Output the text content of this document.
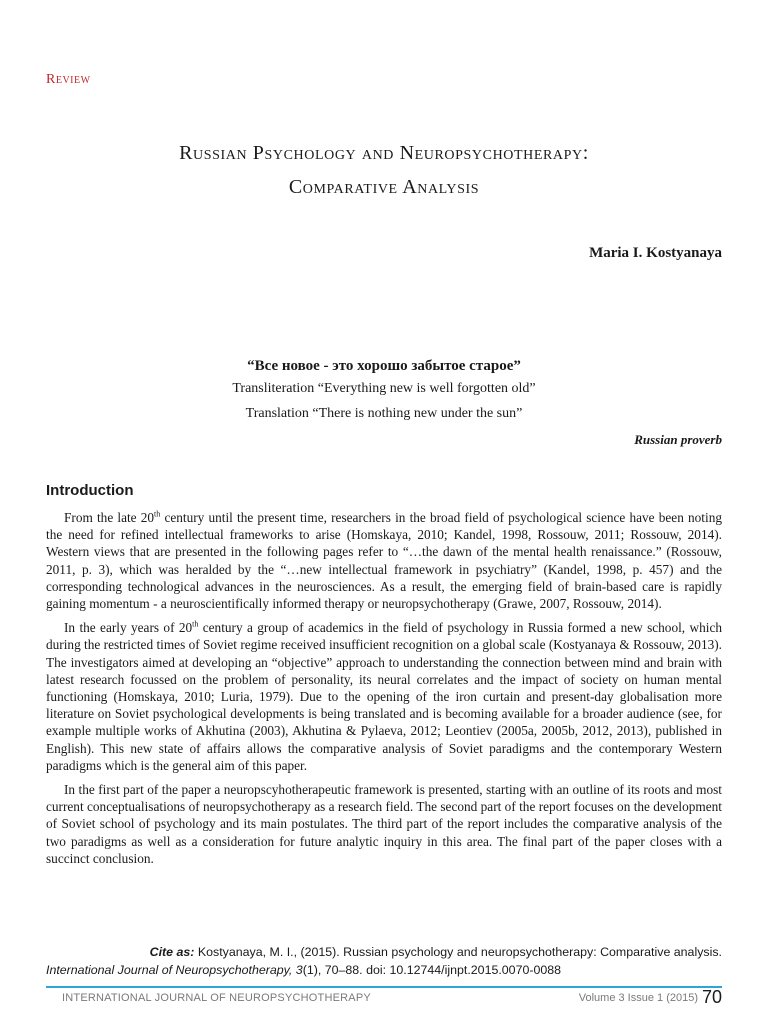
Review
Russian Psychology and Neuropsychotherapy:
Comparative Analysis
Maria I. Kostyanaya
“Все новое - это хорошо забытое старое”
Transliteration “Everything new is well forgotten old”
Translation “There is nothing new under the sun”
Russian proverb
Introduction

From the late 20th century until the present time, researchers in the broad field of psychological science have been noting the need for refined intellectual frameworks to arise (Homskaya, 2010; Kandel, 1998, Rossouw, 2011; Rossouw, 2014). Western views that are presented in the following pages refer to “…the dawn of the mental health renaissance.” (Rossouw, 2011, p. 3), which was heralded by the “…new intellectual framework in psychiatry” (Kandel, 1998, p. 457) and the corresponding technological advances in the neurosciences. As a result, the emerging field of brain-based care is rapidly gaining momentum - a neuroscientifically informed therapy or neuropsychotherapy (Grawe, 2007, Rossouw, 2014).

In the early years of 20th century a group of academics in the field of psychology in Russia formed a new school, which during the restricted times of Soviet regime received insufficient recognition on a global scale (Kostyanaya & Rossouw, 2013). The investigators aimed at developing an “objective” approach to understanding the connection between mind and brain with latest research focussed on the problem of personality, its neural correlates and the impact of society on human mental functioning (Homskaya, 2010; Luria, 1979). Due to the opening of the iron curtain and present-day globalisation more literature on Soviet psychological developments is being translated and is becoming available for a broader audience (see, for example multiple works of Akhutina (2003), Akhutina & Pylaeva, 2012; Leontiev (2005a, 2005b, 2012, 2013), published in English). This new state of affairs allows the comparative analysis of Soviet paradigms and the contemporary Western paradigms which is the general aim of this paper.

In the first part of the paper a neuropscyhotherapeutic framework is presented, starting with an outline of its roots and most current conceptualisations of neuropsychotherapy as a research field. The second part of the report focuses on the development of Soviet school of psychology and its main postulates. The third part of the report includes the comparative analysis of the two paradigms as well as a consideration for future analytic inquiry in this area. The final part of the paper closes with a succinct conclusion.

Cite as: Kostyanaya, M. I., (2015). Russian psychology and neuropsychotherapy: Comparative analysis.
International Journal of Neuropsychotherapy, 3(1), 70–88. doi: 10.12744/ijnpt.2015.0070-0088
INTERNATIONAL JOURNAL OF NEUROPSYCHOTHERAPY	Volume 3 Issue 1 (2015) 70
